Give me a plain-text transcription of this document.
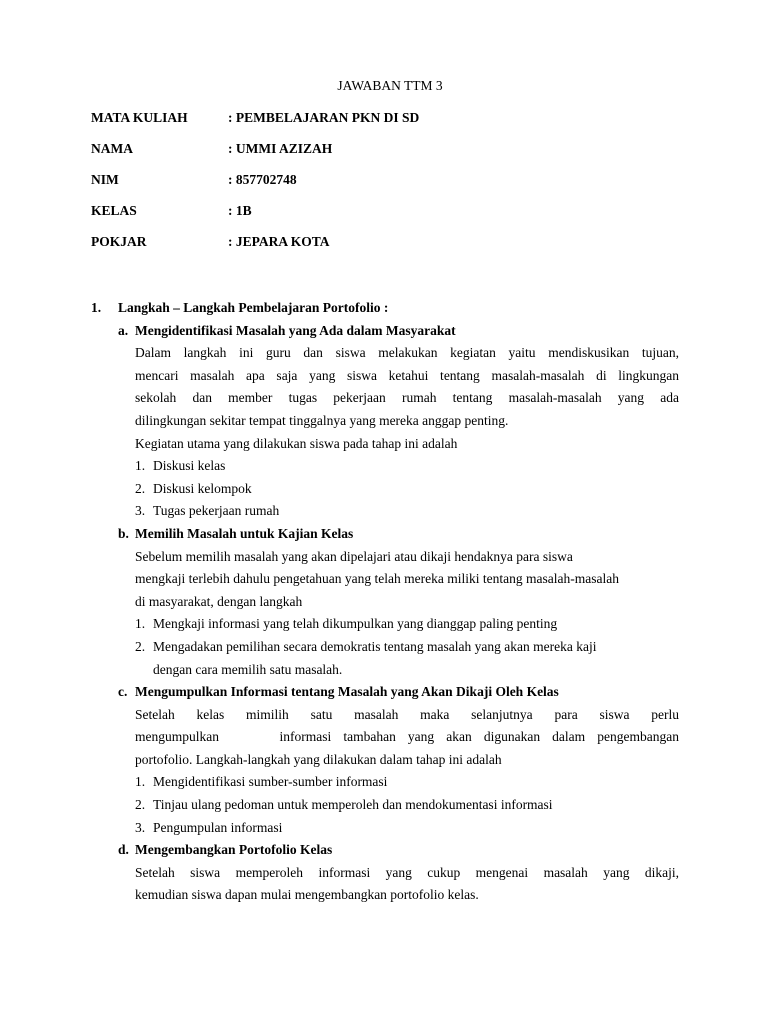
JAWABAN TTM 3
MATA KULIAH	: PEMBELAJARAN PKN DI SD
NAMA	: UMMI AZIZAH
NIM	: 857702748
KELAS	: 1B
POKJAR	: JEPARA KOTA
1. Langkah – Langkah Pembelajaran Portofolio :
a. Mengidentifikasi Masalah yang Ada dalam Masyarakat
Dalam langkah ini guru dan siswa melakukan kegiatan yaitu mendiskusikan tujuan,
mencari masalah apa saja yang siswa ketahui tentang masalah-masalah di lingkungan
sekolah dan member tugas pekerjaan rumah tentang masalah-masalah yang ada
dilingkungan sekitar tempat tinggalnya yang mereka anggap penting.
Kegiatan utama yang dilakukan siswa pada tahap ini adalah
1. Diskusi kelas
2. Diskusi kelompok
3. Tugas pekerjaan rumah
b. Memilih Masalah untuk Kajian Kelas
Sebelum memilih masalah yang akan dipelajari atau dikaji hendaknya para siswa
mengkaji terlebih dahulu pengetahuan yang telah mereka miliki tentang masalah-masalah
di masyarakat, dengan langkah
1. Mengkaji informasi yang telah dikumpulkan yang dianggap paling penting
2. Mengadakan pemilihan secara demokratis tentang masalah yang akan mereka kaji
dengan cara memilih satu masalah.
c. Mengumpulkan Informasi tentang Masalah yang Akan Dikaji Oleh Kelas
Setelah kelas mimilih satu masalah maka selanjutnya para siswa perlu
mengumpulkan     informasi tambahan yang akan digunakan dalam pengembangan
portofolio. Langkah-langkah yang dilakukan dalam tahap ini adalah
1. Mengidentifikasi sumber-sumber informasi
2. Tinjau ulang pedoman untuk memperoleh dan mendokumentasi informasi
3. Pengumpulan informasi
d. Mengembangkan Portofolio Kelas
Setelah siswa memperoleh informasi yang cukup mengenai masalah yang dikaji,
kemudian siswa dapan mulai mengembangkan portofolio kelas.
